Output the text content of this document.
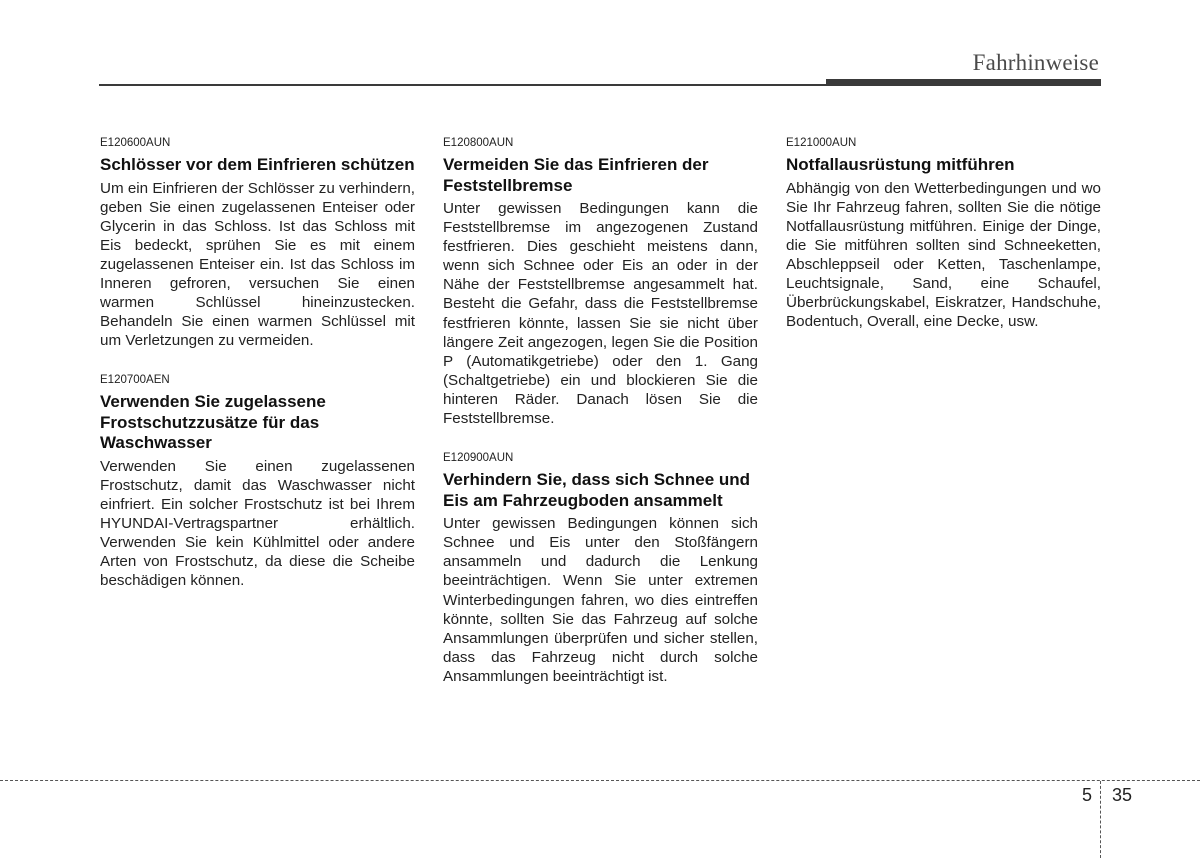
Fahrhinweise
E120600AUN
Schlösser vor dem Einfrieren schützen

Um ein Einfrieren der Schlösser zu verhindern, geben Sie einen zugelassenen Enteiser oder Glycerin in das Schloss. Ist das Schloss mit Eis bedeckt, sprühen Sie es mit einem zugelassenen Enteiser ein. Ist das Schloss im Inneren gefroren, versuchen Sie einen warmen Schlüssel hineinzustecken. Behandeln Sie einen warmen Schlüssel mit um Verletzungen zu vermeiden.

E120700AEN
Verwenden Sie zugelassene Frostschutzzusätze für das Waschwasser

Verwenden Sie einen zugelassenen Frostschutz, damit das Waschwasser nicht einfriert. Ein solcher Frostschutz ist bei Ihrem HYUNDAI-Vertragspartner erhältlich. Verwenden Sie kein Kühlmittel oder andere Arten von Frostschutz, da diese die Scheibe beschädigen können.

E120800AUN
Vermeiden Sie das Einfrieren der Feststellbremse

Unter gewissen Bedingungen kann die Feststellbremse im angezogenen Zustand festfrieren. Dies geschieht meistens dann, wenn sich Schnee oder Eis an oder in der Nähe der Feststellbremse angesammelt hat. Besteht die Gefahr, dass die Feststellbremse festfrieren könnte, lassen Sie sie nicht über längere Zeit angezogen, legen Sie die Position P (Automatikgetriebe) oder den 1. Gang (Schaltgetriebe) ein und blockieren Sie die hinteren Räder. Danach lösen Sie die Feststellbremse.

E120900AUN
Verhindern Sie, dass sich Schnee und Eis am Fahrzeugboden ansammelt

Unter gewissen Bedingungen können sich Schnee und Eis unter den Stoßfängern ansammeln und dadurch die Lenkung beeinträchtigen. Wenn Sie unter extremen Winterbedingungen fahren, wo dies eintreffen könnte, sollten Sie das Fahrzeug auf solche Ansammlungen überprüfen und sicher stellen, dass das Fahrzeug nicht durch solche Ansammlungen beeinträchtigt ist.

E121000AUN
Notfallausrüstung mitführen

Abhängig von den Wetterbedingungen und wo Sie Ihr Fahrzeug fahren, sollten Sie die nötige Notfallausrüstung mitführen. Einige der Dinge, die Sie mitführen sollten sind Schneeketten, Abschleppseil oder Ketten, Taschenlampe, Leuchtsignale, Sand, eine Schaufel, Überbrückungskabel, Eiskratzer, Handschuhe, Bodentuch, Overall, eine Decke, usw.

5 35
